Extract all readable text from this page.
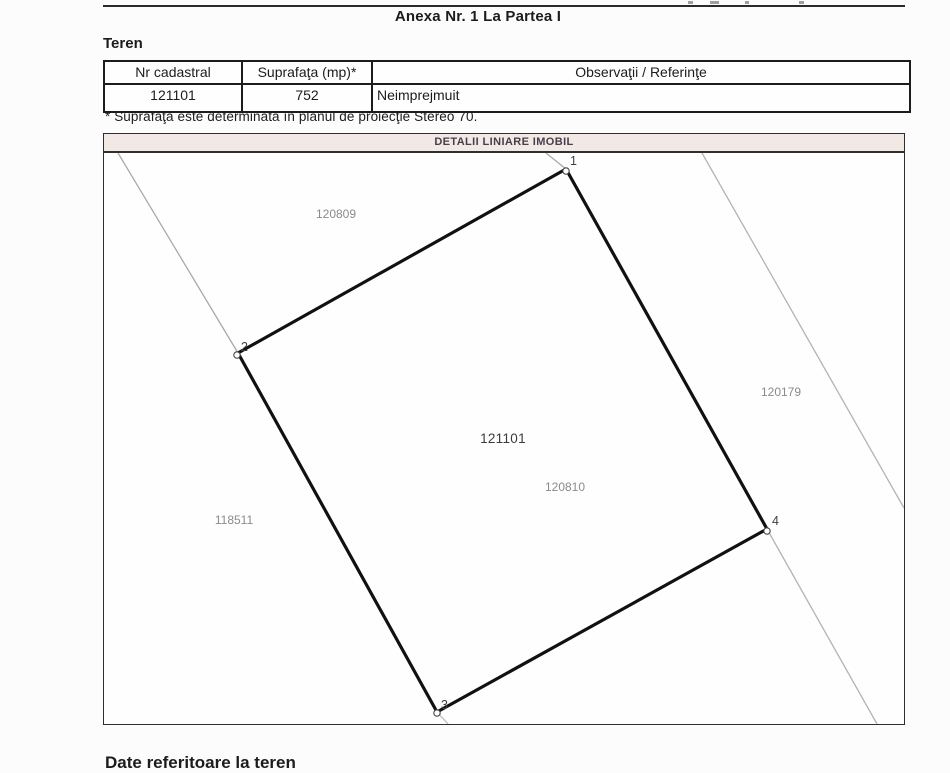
Anexa Nr. 1 La Partea I
Teren
Nr cadastral	Suprafaţa (mp)*	Observaţii / Referinţe
121101	752	Neimprejmuit
* Suprafaţa este determinată în planul de proiecţie Stereo 70.
DETALII LINIARE IMOBIL
1
2
3
4
120809
120179
118511
120810
121101
Date referitoare la teren
